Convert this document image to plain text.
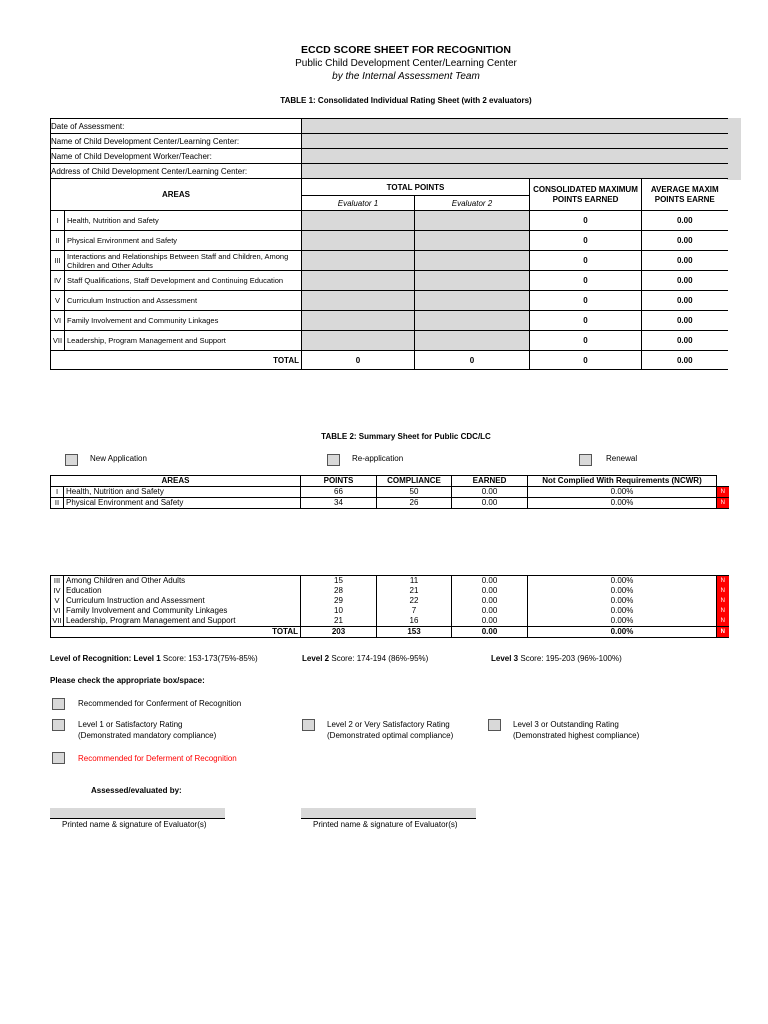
ECCD SCORE SHEET FOR RECOGNITION
Public Child Development Center/Learning Center
by the Internal Assessment Team
TABLE 1: Consolidated Individual Rating Sheet (with 2 evaluators)
Date of Assessment:					
Name of Child Development Center/Learning Center:					
Name of Child Development Worker/Teacher:					
Address of Child Development Center/Learning Center:					
AREAS		TOTAL POINTS		CONSOLIDATED MAXIMUM POINTS EARNED	AVERAGE MAXIM POINTS EARNE
		Evaluator 1	Evaluator 2		
I	Health, Nutrition and Safety			0	0.00
II	Physical Environment and Safety			0	0.00
III	Interactions and Relationships Between Staff and Children, Among Children and Other Adults			0	0.00
IV	Staff Qualifications, Staff Development and Continuing Education			0	0.00
V	Curriculum Instruction and Assessment			0	0.00
VI	Family Involvement and Community Linkages			0	0.00
VII	Leadership, Program Management and Support			0	0.00
TOTAL		0	0	0	0.00
TABLE 2: Summary Sheet for Public CDC/LC
New Application	Re-application	Renewal
AREAS		POINTS	COMPLIANCE	EARNED	Not Complied With Requirements (NCWR)	
I	Health, Nutrition and Safety	66	50	0.00	0.00%	N
II	Physical Environment and Safety	34	26	0.00	0.00%	N
III	Among Children and Other Adults	15	11	0.00	0.00%	N
IV	Education	28	21	0.00	0.00%	N
V	Curriculum Instruction and Assessment	29	22	0.00	0.00%	N
VI	Family Involvement and Community Linkages	10	7	0.00	0.00%	N
VII	Leadership, Program Management and Support	21	16	0.00	0.00%	N
TOTAL		203	153	0.00	0.00%	N
Level of Recognition: Level 1 Score: 153-173(75%-85%)	Level 2 Score: 174-194 (86%-95%)	Level 3 Score: 195-203 (96%-100%)
Please check the appropriate box/space:
Recommended for Conferment of Recognition
Level 1 or Satisfactory Rating
(Demonstrated mandatory compliance)
Level 2 or Very Satisfactory Rating
(Demonstrated optimal compliance)
Level 3 or Outstanding Rating
(Demonstrated highest compliance)
Recommended for Deferment of Recognition
Assessed/evaluated by:
Printed name & signature of Evaluator(s)	Printed name & signature of Evaluator(s)
